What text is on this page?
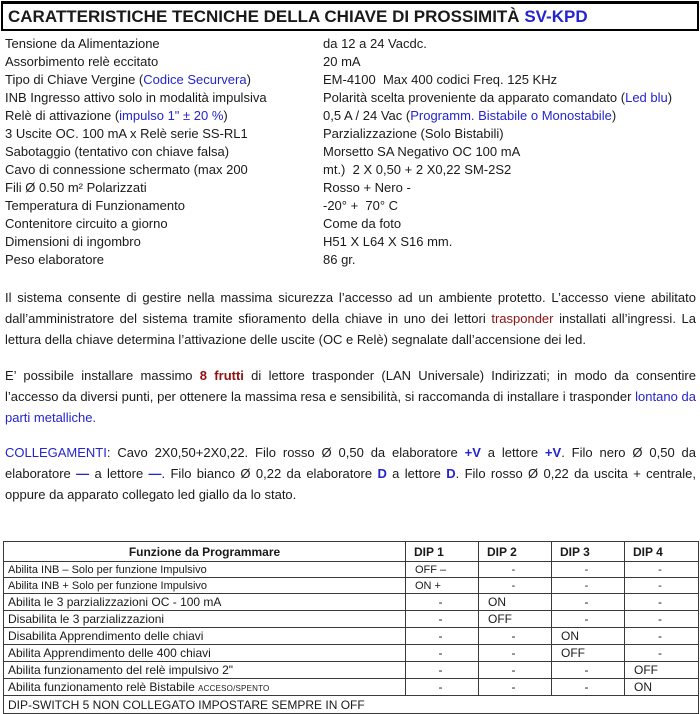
CARATTERISTICHE TECNICHE DELLA CHIAVE DI PROSSIMITÀ SV-KPD
Tensione da Alimentazione	da 12 a 24 Vacdc.
Assorbimento relè eccitato	20 mA
Tipo di Chiave Vergine (Codice Securvera)	EM-4100  Max 400 codici Freq. 125 KHz
INB Ingresso attivo solo in modalità impulsiva	Polarità scelta proveniente da apparato comandato (Led blu)
Relè di attivazione (impulso 1" ± 20 %)	0,5 A / 24 Vac (Programm. Bistabile o Monostabile)
3 Uscite OC. 100 mA x Relè serie SS-RL1	Parzializzazione (Solo Bistabili)
Sabotaggio (tentativo con chiave falsa)	Morsetto SA Negativo OC 100 mA
Cavo di connessione schermato (max 200	mt.)  2 X 0,50 + 2 X0,22 SM-2S2
Fili Ø 0.50 m² Polarizzati	Rosso + Nero -
Temperatura di Funzionamento	-20° +  70° C
Contenitore circuito a giorno	Come da foto
Dimensioni di ingombro	H51 X L64 X S16 mm.
Peso elaboratore	86 gr.

Il sistema consente di gestire nella massima sicurezza l’accesso ad un ambiente protetto. L’accesso viene abilitato dall’amministratore del sistema tramite sfioramento della chiave in uno dei lettori trasponder installati all’ingressi. La lettura della chiave determina l’attivazione delle uscite (OC e Relè) segnalate dall’accensione dei led.

E’ possibile installare massimo 8 frutti di lettore trasponder (LAN Universale) Indirizzati; in modo da consentire l’accesso da diversi punti, per ottenere la massima resa e sensibilità, si raccomanda di installare i trasponder lontano da parti metalliche.

COLLEGAMENTI: Cavo 2X0,50+2X0,22. Filo rosso Ø 0,50 da elaboratore +V a lettore +V. Filo nero Ø 0,50 da elaboratore — a lettore —. Filo bianco Ø 0,22 da elaboratore D a lettore D. Filo rosso Ø 0,22 da uscita + centrale, oppure da apparato collegato led giallo da lo stato.

Funzione da Programmare	DIP 1	DIP 2	DIP 3	DIP 4
Abilita INB – Solo per funzione Impulsivo	OFF –	-	-	-
Abilita INB + Solo per funzione Impulsivo	ON +	-	-	-
Abilita le 3 parzializzazioni OC - 100 mA	-	ON	-	-
Disabilita le 3 parzializzazioni	-	OFF	-	-
Disabilita Apprendimento delle chiavi	-	-	ON	-
Abilita Apprendimento delle 400 chiavi	-	-	OFF	-
Abilita funzionamento del relè impulsivo 2"	-	-	-	OFF
Abilita funzionamento relè Bistabile ACCESO/SPENTO	-	-	-	ON
DIP-SWITCH 5 NON COLLEGATO IMPOSTARE SEMPRE IN OFF				
